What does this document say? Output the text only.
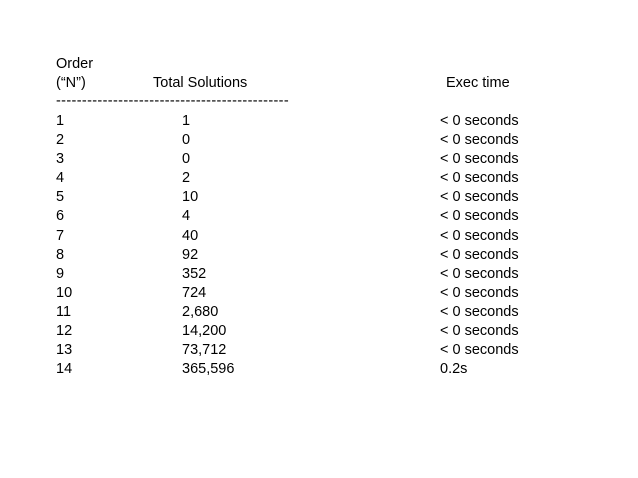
Order

(“N”)	Total Solutions	Exec time

---------------------------------------------

1	1	< 0 seconds
2	0	< 0 seconds
3	0	< 0 seconds
4	2	< 0 seconds
5	10	< 0 seconds
6	4	< 0 seconds
7	40	< 0 seconds
8	92	< 0 seconds
9	352	< 0 seconds
10	724	< 0 seconds
11	2,680	< 0 seconds
12	14,200	< 0 seconds
13	73,712	< 0 seconds
14	365,596	0.2s
